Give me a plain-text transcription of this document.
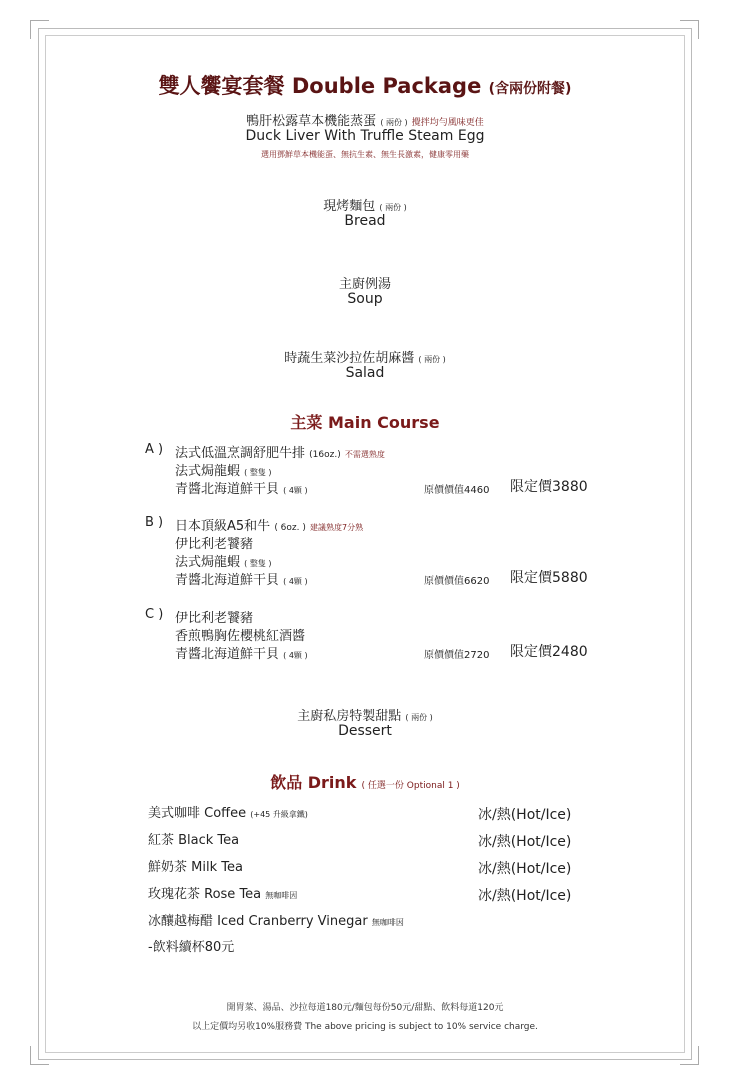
雙人饗宴套餐 Double Package (含兩份附餐)
鴨肝松露草本機能蒸蛋 ( 兩份 ) 攪拌均勻風味更佳
Duck Liver With Truffle Steam Egg
選用鄧鮮草本機能蛋、無抗生素、無生長激素，健康零用藥
現烤麵包 ( 兩份 )
Bread
主廚例湯
Soup
時蔬生菜沙拉佐胡麻醬 ( 兩份 )
Salad
主菜 Main Course
A ) 法式低溫烹調舒肥牛排 (16oz.) 不需選熟度
法式焗龍蝦 ( 整隻 )
青醬北海道鮮干貝 ( 4顆 )	原價價值4460 限定價3880
B ) 日本頂級A5和牛 ( 6oz. ) 建議熟度7分熟
伊比利老饕豬
法式焗龍蝦 ( 整隻 )
青醬北海道鮮干貝 ( 4顆 )	原價價值6620 限定價5880
C ) 伊比利老饕豬
香煎鴨胸佐櫻桃紅酒醬
青醬北海道鮮干貝 ( 4顆 )	原價價值2720 限定價2480
主廚私房特製甜點 ( 兩份 )
Dessert
飲品 Drink ( 任選一份 Optional 1 )
美式咖啡 Coffee (+45 升級拿鐵)	冰/熱(Hot/Ice)
紅茶 Black Tea	冰/熱(Hot/Ice)
鮮奶茶 Milk Tea	冰/熱(Hot/Ice)
玫瑰花茶 Rose Tea 無咖啡因	冰/熱(Hot/Ice)
冰釀越梅醋 Iced Cranberry Vinegar 無咖啡因
-飲料續杯80元
開胃菜、湯品、沙拉每道180元/麵包每份50元/甜點、飲料每道120元
以上定價均另收10%服務費 The above pricing is subject to 10% service charge.
